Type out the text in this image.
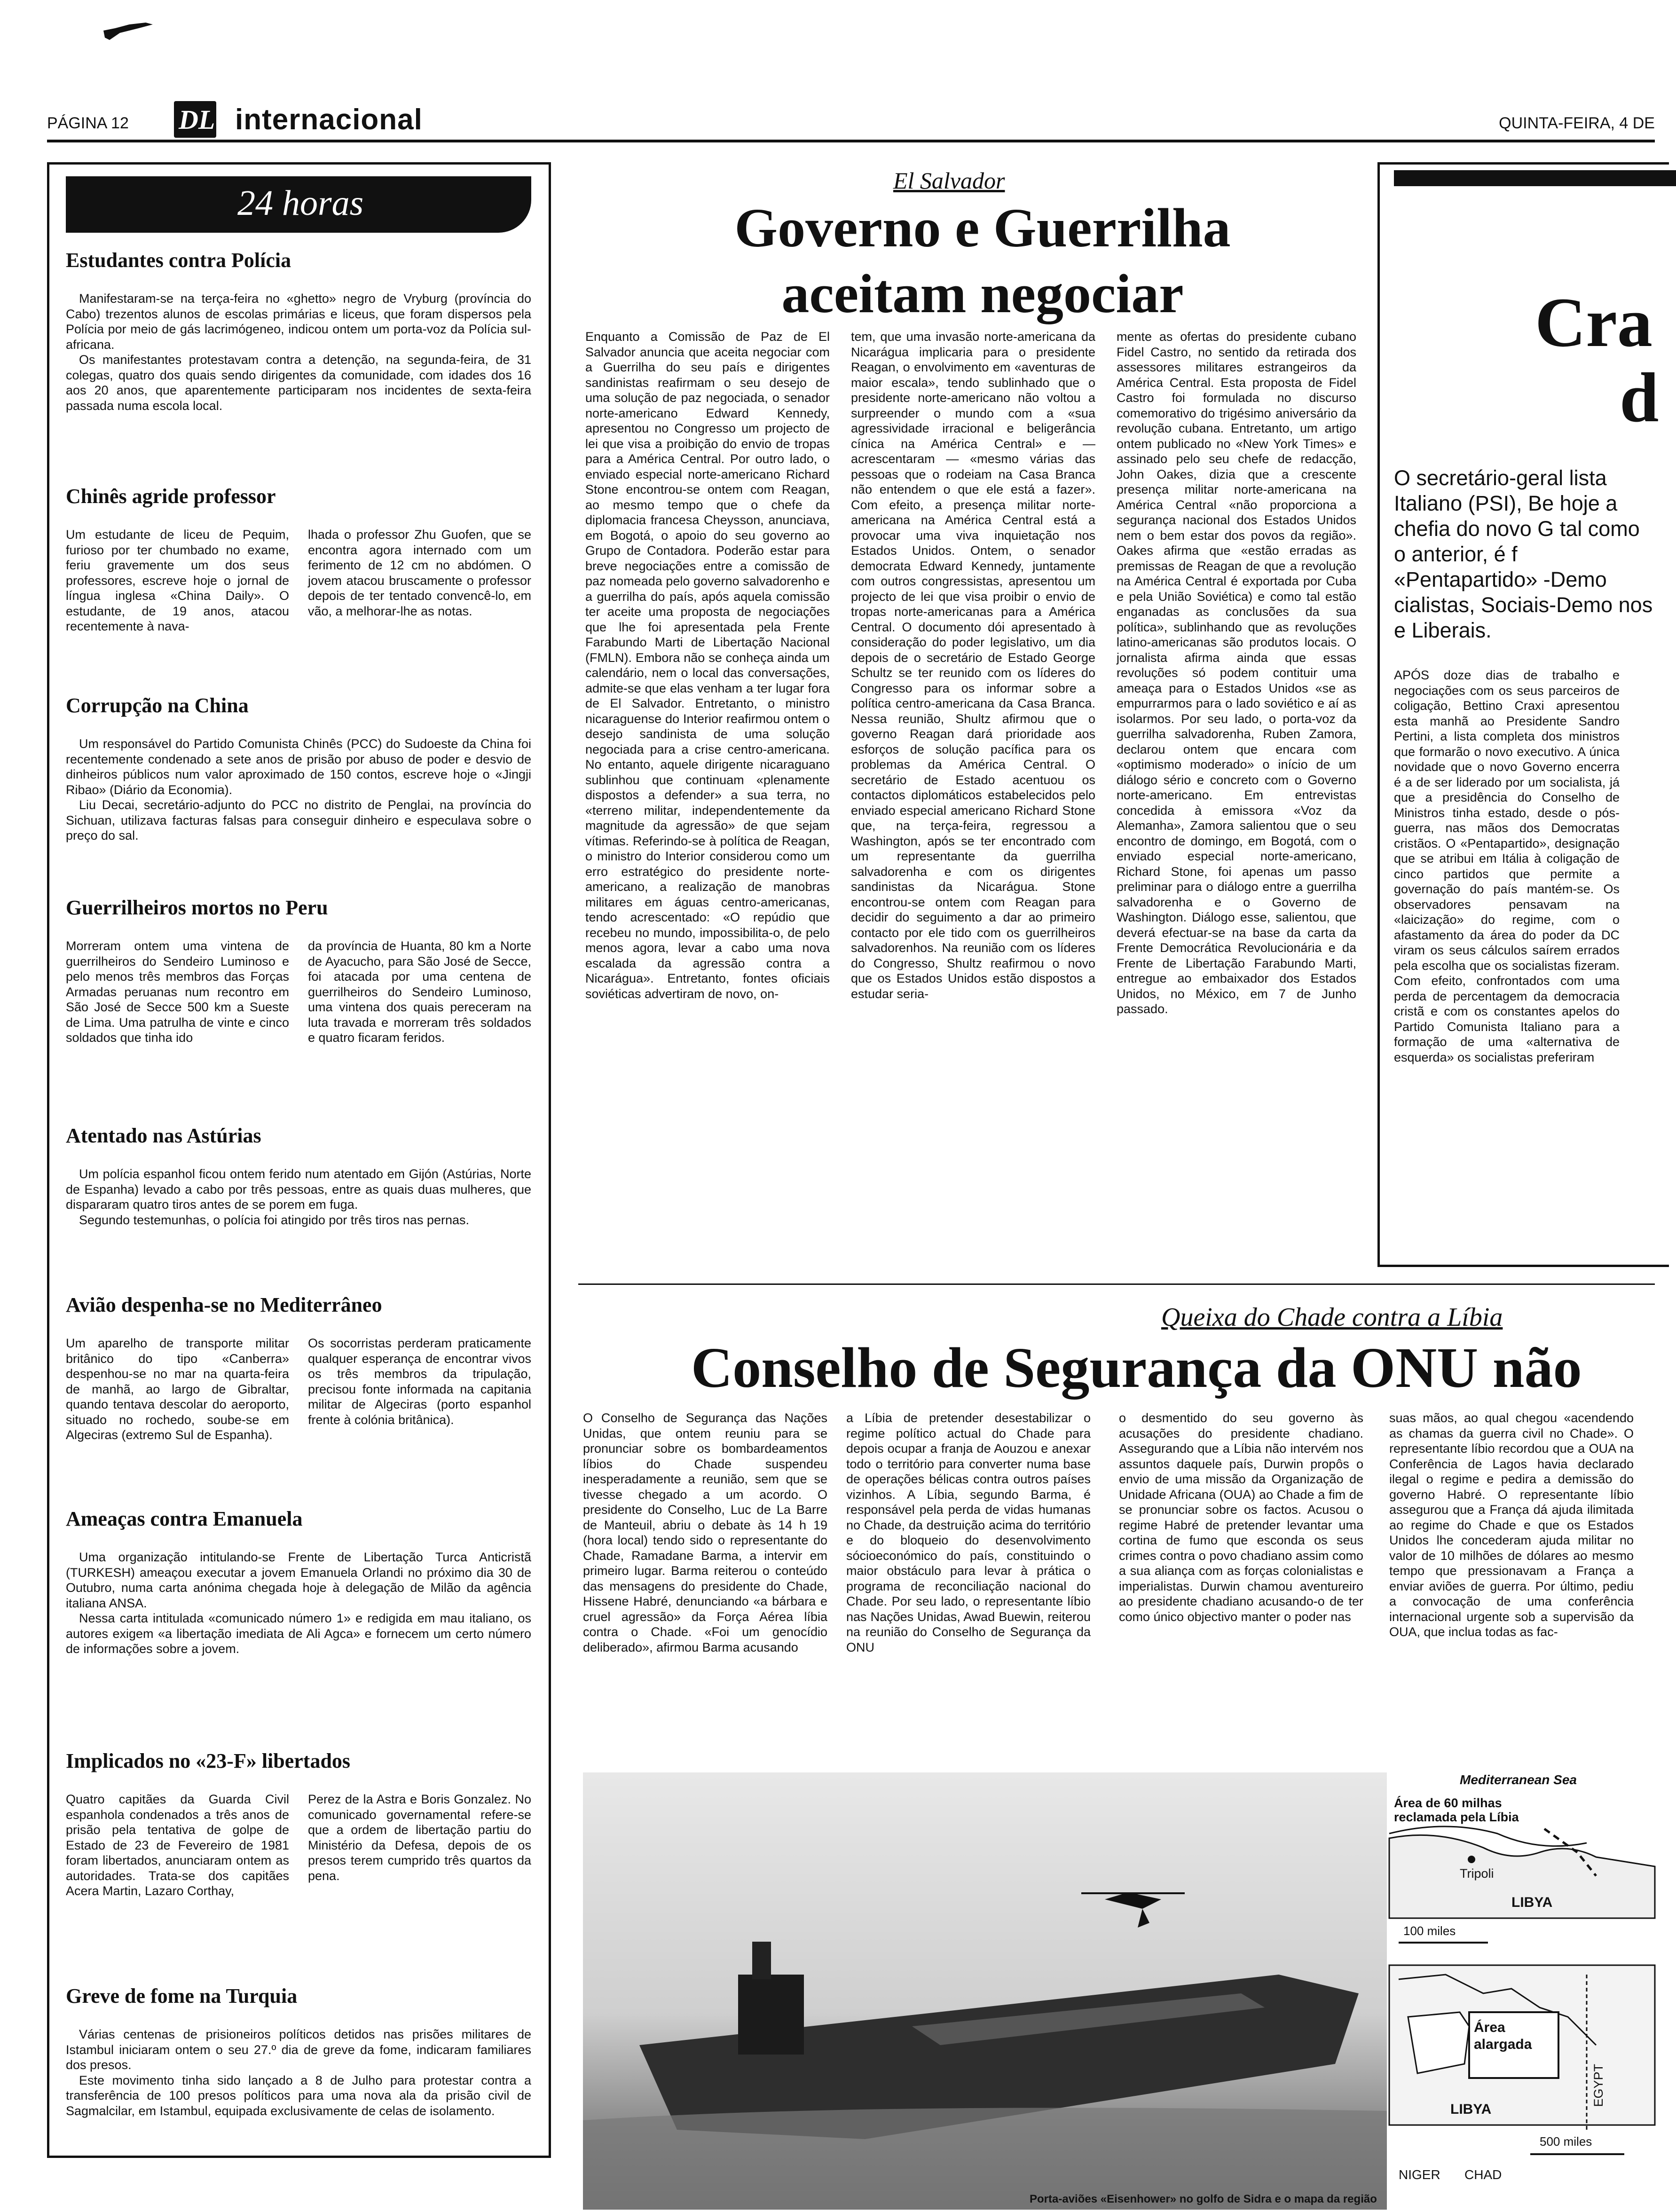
PÁGINA 12 DL internacional	QUINTA-FEIRA, 4 DE
24 horas
Estudantes contra Polícia

Manifestaram-se na terça-feira no «ghetto» negro de Vryburg (província do Cabo) trezentos alunos de escolas primárias e liceus, que foram dispersos pela Polícia por meio de gás lacrimógeneo, indicou ontem um porta-voz da Polícia sul-africana.

Os manifestantes protestavam contra a detenção, na segunda-feira, de 31 colegas, quatro dos quais sendo dirigentes da comunidade, com idades dos 16 aos 20 anos, que aparentemente participaram nos incidentes de sexta-feira passada numa escola local.

Chinês agride professor
Um estudante de liceu de Pequim, furioso por ter chumbado no exame, feriu gravemente um dos seus professores, escreve hoje o jornal de língua inglesa «China Daily». O estudante, de 19 anos, atacou recentemente à nava-
lhada o professor Zhu Guofen, que se encontra agora internado com um ferimento de 12 cm no abdómen. O jovem atacou bruscamente o professor depois de ter tentado convencê-lo, em vão, a melhorar-lhe as notas.
Corrupção na China

Um responsável do Partido Comunista Chinês (PCC) do Sudoeste da China foi recentemente condenado a sete anos de prisão por abuso de poder e desvio de dinheiros públicos num valor aproximado de 150 contos, escreve hoje o «Jingji Ribao» (Diário da Economia).

Liu Decai, secretário-adjunto do PCC no distrito de Penglai, na província do Sichuan, utilizava facturas falsas para conseguir dinheiro e especulava sobre o preço do sal.

Guerrilheiros mortos no Peru
Morreram ontem uma vintena de guerrilheiros do Sendeiro Luminoso e pelo menos três membros das Forças Armadas peruanas num recontro em São José de Secce 500 km a Sueste de Lima. Uma patrulha de vinte e cinco soldados que tinha ido
da província de Huanta, 80 km a Norte de Ayacucho, para São José de Secce, foi atacada por uma centena de guerrilheiros do Sendeiro Luminoso, uma vintena dos quais pereceram na luta travada e morreram três soldados e quatro ficaram feridos.
Atentado nas Astúrias

Um polícia espanhol ficou ontem ferido num atentado em Gijón (Astúrias, Norte de Espanha) levado a cabo por três pessoas, entre as quais duas mulheres, que dispararam quatro tiros antes de se porem em fuga.

Segundo testemunhas, o polícia foi atingido por três tiros nas pernas.

Avião despenha-se no Mediterrâneo
Um aparelho de transporte militar britânico do tipo «Canberra» despenhou-se no mar na quarta-feira de manhã, ao largo de Gibraltar, quando tentava descolar do aeroporto, situado no rochedo, soube-se em Algeciras (extremo Sul de Espanha).
Os socorristas perderam praticamente qualquer esperança de encontrar vivos os três membros da tripulação, precisou fonte informada na capitania militar de Algeciras (porto espanhol frente à colónia britânica).
Ameaças contra Emanuela

Uma organização intitulando-se Frente de Libertação Turca Anticristã (TURKESH) ameaçou executar a jovem Emanuela Orlandi no próximo dia 30 de Outubro, numa carta anónima chegada hoje à delegação de Milão da agência italiana ANSA.

Nessa carta intitulada «comunicado número 1» e redigida em mau italiano, os autores exigem «a libertação imediata de Ali Agca» e fornecem um certo número de informações sobre a jovem.

Implicados no «23-F» libertados
Quatro capitães da Guarda Civil espanhola condenados a três anos de prisão pela tentativa de golpe de Estado de 23 de Fevereiro de 1981 foram libertados, anunciaram ontem as autoridades. Trata-se dos capitães Acera Martin, Lazaro Corthay,
Perez de la Astra e Boris Gonzalez. No comunicado governamental refere-se que a ordem de libertação partiu do Ministério da Defesa, depois de os presos terem cumprido três quartos da pena.
Greve de fome na Turquia

Várias centenas de prisioneiros políticos detidos nas prisões militares de Istambul iniciaram ontem o seu 27.º dia de greve da fome, indicaram familiares dos presos.

Este movimento tinha sido lançado a 8 de Julho para protestar contra a transferência de 100 presos políticos para uma nova ala da prisão civil de Sagmalcilar, em Istambul, equipada exclusivamente de celas de isolamento.

El Salvador
Governo e Guerrilha
aceitam negociar
Enquanto a Comissão de Paz de El Salvador anuncia que aceita negociar com a Guerrilha do seu país e dirigentes sandinistas reafirmam o seu desejo de uma solução de paz negociada, o senador norte-americano Edward Kennedy, apresentou no Congresso um projecto de lei que visa a proibição do envio de tropas para a América Central. Por outro lado, o enviado especial norte-americano Richard Stone encontrou-se ontem com Reagan, ao mesmo tempo que o chefe da diplomacia francesa Cheysson, anunciava, em Bogotá, o apoio do seu governo ao Grupo de Contadora. Poderão estar para breve negociações entre a comissão de paz nomeada pelo governo salvadorenho e a guerrilha do país, após aquela comissão ter aceite uma proposta de negociações que lhe foi apresentada pela Frente Farabundo Marti de Libertação Nacional (FMLN). Embora não se conheça ainda um calendário, nem o local das conversações, admite-se que elas venham a ter lugar fora de El Salvador. Entretanto, o ministro nicaraguense do Interior reafirmou ontem o desejo sandinista de uma solução negociada para a crise centro-americana. No entanto, aquele dirigente nicaraguano sublinhou que continuam «plenamente dispostos a defender» a sua terra, no «terreno militar, independentemente da magnitude da agressão» de que sejam vítimas. Referindo-se à política de Reagan, o ministro do Interior considerou como um erro estratégico do presidente norte-americano, a realização de manobras militares em águas centro-americanas, tendo acrescentado: «O repúdio que recebeu no mundo, impossibilita-o, de pelo menos agora, levar a cabo uma nova escalada da agressão contra a Nicarágua». Entretanto, fontes oficiais soviéticas advertiram de novo, on-
tem, que uma invasão norte-americana da Nicarágua implicaria para o presidente Reagan, o envolvimento em «aventuras de maior escala», tendo sublinhado que o presidente norte-americano não voltou a surpreender o mundo com a «sua agressividade irracional e beligerância cínica na América Central» e — acrescentaram — «mesmo várias das pessoas que o rodeiam na Casa Branca não entendem o que ele está a fazer». Com efeito, a presença militar norte-americana na América Central está a provocar uma viva inquietação nos Estados Unidos. Ontem, o senador democrata Edward Kennedy, juntamente com outros congressistas, apresentou um projecto de lei que visa proibir o envio de tropas norte-americanas para a América Central. O documento dói apresentado à consideração do poder legislativo, um dia depois de o secretário de Estado George Schultz se ter reunido com os líderes do Congresso para os informar sobre a política centro-americana da Casa Branca. Nessa reunião, Shultz afirmou que o governo Reagan dará prioridade aos esforços de solução pacífica para os problemas da América Central. O secretário de Estado acentuou os contactos diplomáticos estabelecidos pelo enviado especial americano Richard Stone que, na terça-feira, regressou a Washington, após se ter encontrado com um representante da guerrilha salvadorenha e com os dirigentes sandinistas da Nicarágua. Stone encontrou-se ontem com Reagan para decidir do seguimento a dar ao primeiro contacto por ele tido com os guerrilheiros salvadorenhos. Na reunião com os líderes do Congresso, Shultz reafirmou o novo que os Estados Unidos estão dispostos a estudar seria-
mente as ofertas do presidente cubano Fidel Castro, no sentido da retirada dos assessores militares estrangeiros da América Central. Esta proposta de Fidel Castro foi formulada no discurso comemorativo do trigésimo aniversário da revolução cubana. Entretanto, um artigo ontem publicado no «New York Times» e assinado pelo seu chefe de redacção, John Oakes, dizia que a crescente presença militar norte-americana na América Central «não proporciona a segurança nacional dos Estados Unidos nem o bem estar dos povos da região». Oakes afirma que «estão erradas as premissas de Reagan de que a revolução na América Central é exportada por Cuba e pela União Soviética) e como tal estão enganadas as conclusões da sua política», sublinhando que as revoluções latino-americanas são produtos locais. O jornalista afirma ainda que essas revoluções só podem contituir uma ameaça para o Estados Unidos «se as empurrarmos para o lado soviético e aí as isolarmos. Por seu lado, o porta-voz da guerrilha salvadorenha, Ruben Zamora, declarou ontem que encara com «optimismo moderado» o início de um diálogo sério e concreto com o Governo norte-americano. Em entrevistas concedida à emissora «Voz da Alemanha», Zamora salientou que o seu encontro de domingo, em Bogotá, com o enviado especial norte-americano, Richard Stone, foi apenas um passo preliminar para o diálogo entre a guerrilha salvadorenha e o Governo de Washington. Diálogo esse, salientou, que deverá efectuar-se na base da carta da Frente Democrática Revolucionária e da Frente de Libertação Farabundo Marti, entregue ao embaixador dos Estados Unidos, no México, em 7 de Junho passado.
Cra
d
O secretário-geral lista Italiano (PSI), Be hoje a chefia do novo G tal como o anterior, é f «Pentapartido» -Demo cialistas, Sociais-Demo nos e Liberais.
APÓS doze dias de trabalho e negociações com os seus parceiros de coligação, Bettino Craxi apresentou esta manhã ao Presidente Sandro Pertini, a lista completa dos ministros que formarão o novo executivo. A única novidade que o novo Governo encerra é a de ser liderado por um socialista, já que a presidência do Conselho de Ministros tinha estado, desde o pós-guerra, nas mãos dos Democratas cristãos. O «Pentapartido», designação que se atribui em Itália à coligação de cinco partidos que permite a governação do país mantém-se. Os observadores pensavam na «laicização» do regime, com o afastamento da área do poder da DC viram os seus cálculos saírem errados pela escolha que os socialistas fizeram. Com efeito, confrontados com uma perda de percentagem da democracia cristã e com os constantes apelos do Partido Comunista Italiano para a formação de uma «alternativa de esquerda» os socialistas preferiram
Queixa do Chade contra a Líbia
Conselho de Segurança da ONU não
O Conselho de Segurança das Nações Unidas, que ontem reuniu para se pronunciar sobre os bombardeamentos líbios do Chade suspendeu inesperadamente a reunião, sem que se tivesse chegado a um acordo. O presidente do Conselho, Luc de La Barre de Manteuil, abriu o debate às 14 h 19 (hora local) tendo sido o representante do Chade, Ramadane Barma, a intervir em primeiro lugar. Barma reiterou o conteúdo das mensagens do presidente do Chade, Hissene Habré, denunciando «a bárbara e cruel agressão» da Força Aérea líbia contra o Chade. «Foi um genocídio deliberado», afirmou Barma acusando
a Líbia de pretender desestabilizar o regime político actual do Chade para depois ocupar a franja de Aouzou e anexar todo o território para converter numa base de operações bélicas contra outros países vizinhos. A Líbia, segundo Barma, é responsável pela perda de vidas humanas no Chade, da destruição acima do território e do bloqueio do desenvolvimento sócioeconómico do país, constituindo o maior obstáculo para levar à prática o programa de reconciliação nacional do Chade. Por seu lado, o representante líbio nas Nações Unidas, Awad Buewin, reiterou na reunião do Conselho de Segurança da ONU
o desmentido do seu governo às acusações do presidente chadiano. Assegurando que a Líbia não intervém nos assuntos daquele país, Durwin propôs o envio de uma missão da Organização de Unidade Africana (OUA) ao Chade a fim de se pronunciar sobre os factos. Acusou o regime Habré de pretender levantar uma cortina de fumo que esconda os seus crimes contra o povo chadiano assim como a sua aliança com as forças colonialistas e imperialistas. Durwin chamou aventureiro ao presidente chadiano acusando-o de ter como único objectivo manter o poder nas
suas mãos, ao qual chegou «acendendo as chamas da guerra civil no Chade». O representante líbio recordou que a OUA na Conferência de Lagos havia declarado ilegal o regime e pedira a demissão do governo Habré. O representante líbio assegurou que a França dá ajuda ilimitada ao regime do Chade e que os Estados Unidos lhe concederam ajuda militar no valor de 10 milhões de dólares ao mesmo tempo que pressionavam a França a enviar aviões de guerra. Por último, pediu a convocação de uma conferência internacional urgente sob a supervisão da OUA, que inclua todas as fac-
Mediterranean Sea
Área de 60 milhas reclamada pela Líbia
Tripoli
LIBYA
100 miles
Área alargada
EGYPT
LIBYA
500 miles
NIGER CHAD
Porta-aviões «Eisenhower» no golfo de Sidra e o mapa da região
